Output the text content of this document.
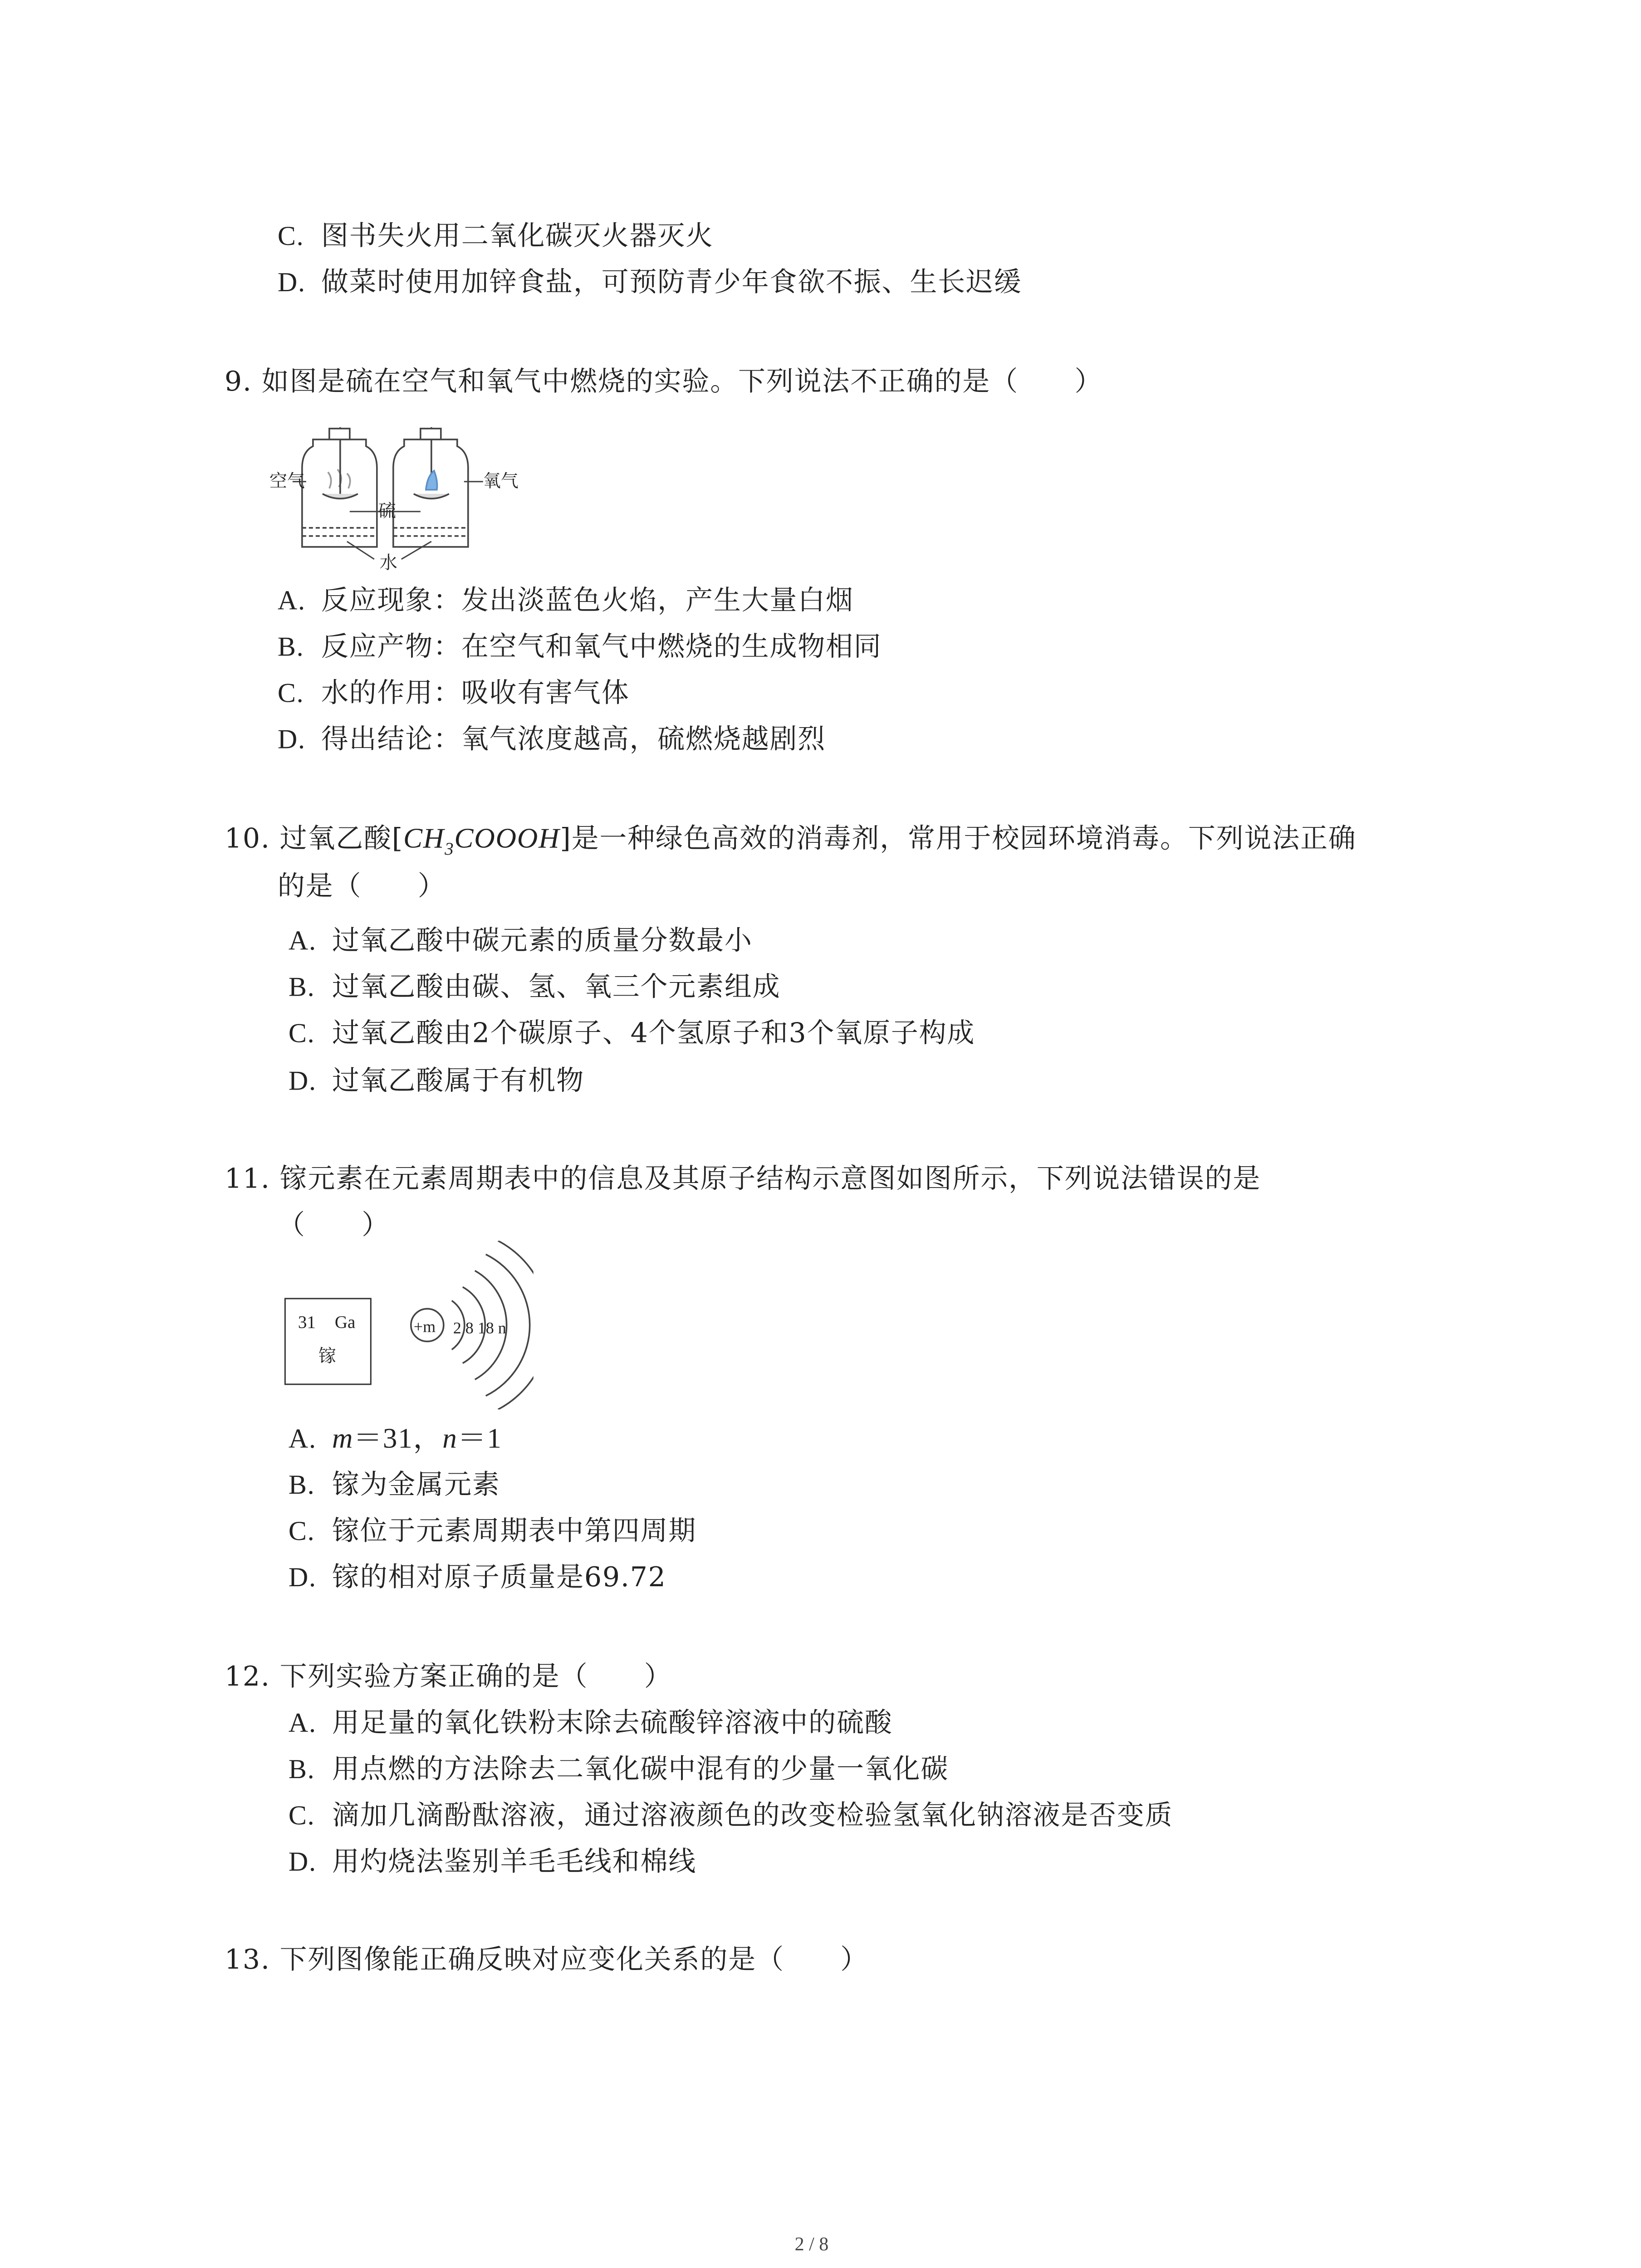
C. 图书失火用二氧化碳灭火器灭火
D. 做菜时使用加锌食盐，可预防青少年食欲不振、生长迟缓
9. 如图是硫在空气和氧气中燃烧的实验。下列说法不正确的是（　　）
空气
硫
氧气
水
A. 反应现象：发出淡蓝色火焰，产生大量白烟
B. 反应产物：在空气和氧气中燃烧的生成物相同
C. 水的作用：吸收有害气体
D. 得出结论：氧气浓度越高，硫燃烧越剧烈
10. 过氧乙酸$[CH_3COOOH]$是一种绿色高效的消毒剂，常用于校园环境消毒。下列说法正确
的是（　　）
A. 过氧乙酸中碳元素的质量分数最小
B. 过氧乙酸由碳、氢、氧三个元素组成
C. 过氧乙酸由2个碳原子、4个氢原子和3个氧原子构成
D. 过氧乙酸属于有机物
11. 镓元素在元素周期表中的信息及其原子结构示意图如图所示，下列说法错误的是
（　　）
31	Ga
镓
+m	2 8 18 n
A. m＝31，n＝1
B. 镓为金属元素
C. 镓位于元素周期表中第四周期
D. 镓的相对原子质量是69.72
12. 下列实验方案正确的是（　　）
A. 用足量的氧化铁粉末除去硫酸锌溶液中的硫酸
B. 用点燃的方法除去二氧化碳中混有的少量一氧化碳
C. 滴加几滴酚酞溶液，通过溶液颜色的改变检验氢氧化钠溶液是否变质
D. 用灼烧法鉴别羊毛毛线和棉线
13. 下列图像能正确反映对应变化关系的是（　　）
2 / 8
